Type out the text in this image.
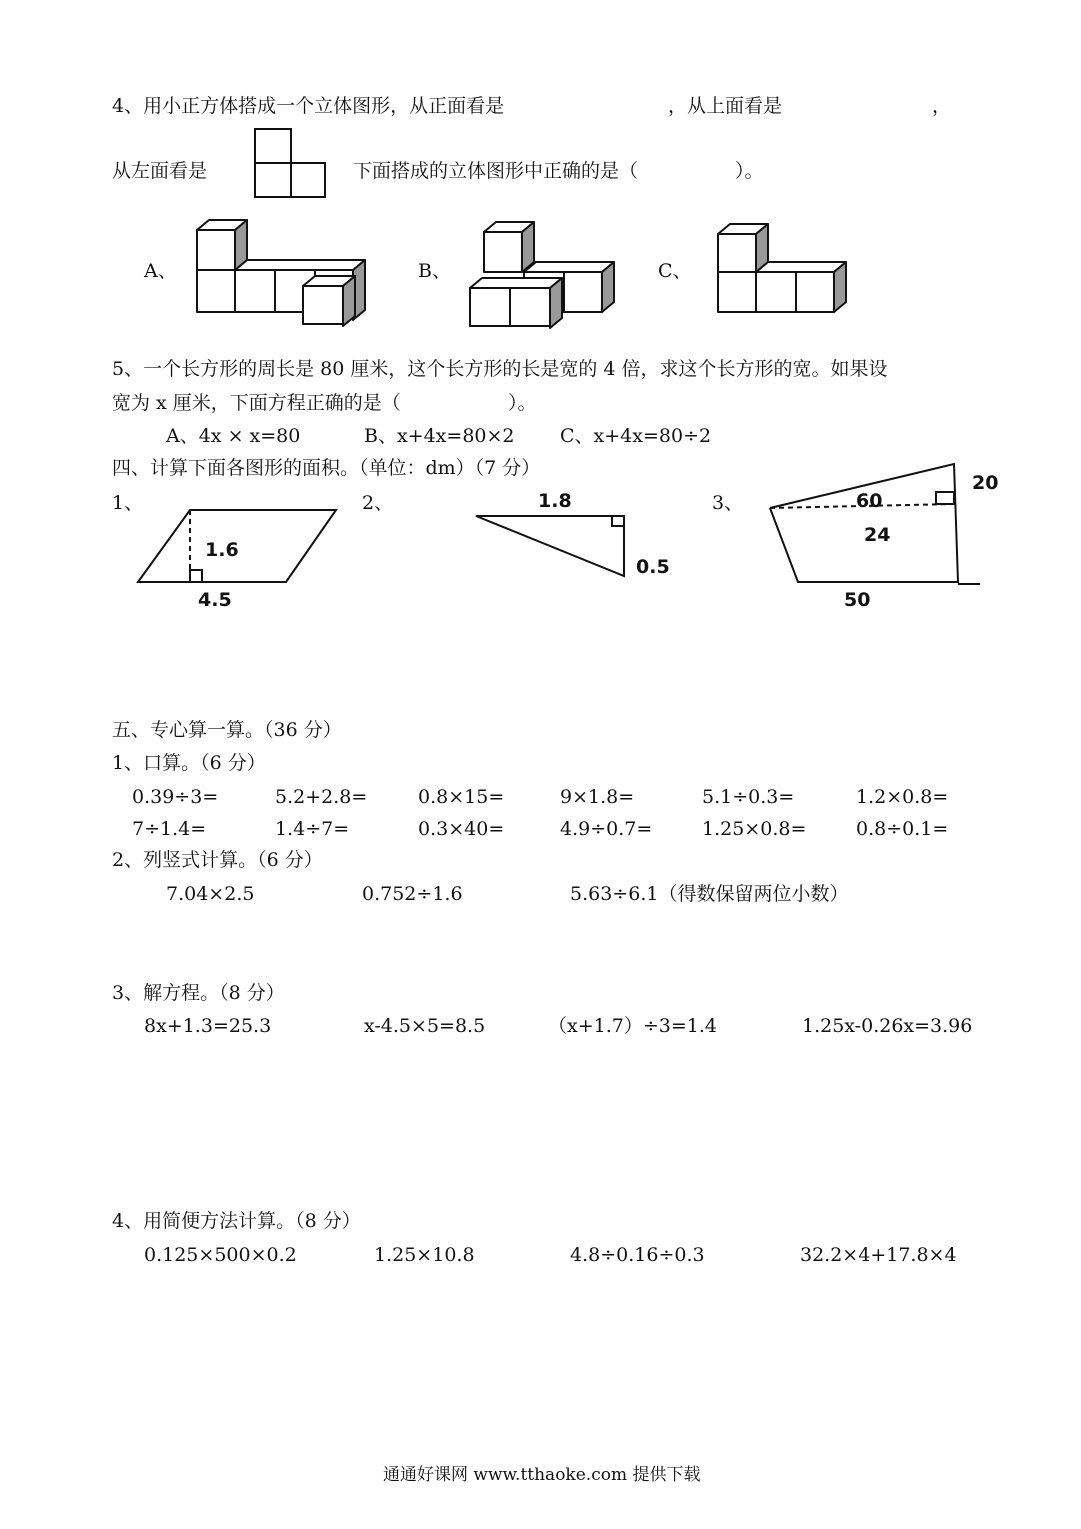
4、用小正方体搭成一个立体图形，从正面看是	，从上面看是	，
从左面看是	下面搭成的立体图形中正确的是（	）。
A、	B、	C、
5、一个长方形的周长是 80 厘米，这个长方形的长是宽的 4 倍，求这个长方形的宽。如果设
宽为 x 厘米，下面方程正确的是（	）。
A、4x × x=80	B、x+4x=80×2 C、x+4x=80÷2
四、计算下面各图形的面积。（单位：dm）（7 分）
1、	2、	3、
1.6
4.5
1.8
0.5
60
24
20
50
五、专心算一算。（36 分）
1、口算。（6 分）
0.39÷3=	5.2+2.8=	0.8×15=	9×1.8=	5.1÷0.3=	1.2×0.8=
7÷1.4=	1.4÷7=	0.3×40=	4.9÷0.7=	1.25×0.8=	0.8÷0.1=
2、列竖式计算。（6 分）
7.04×2.5	0.752÷1.6	5.63÷6.1（得数保留两位小数）
3、解方程。（8 分）
8x+1.3=25.3	x-4.5×5=8.5	（x+1.7）÷3=1.4	1.25x-0.26x=3.96
4、用简便方法计算。（8 分）
0.125×500×0.2	1.25×10.8	4.8÷0.16÷0.3	32.2×4+17.8×4
通通好课网 www.tthaoke.com 提供下载
